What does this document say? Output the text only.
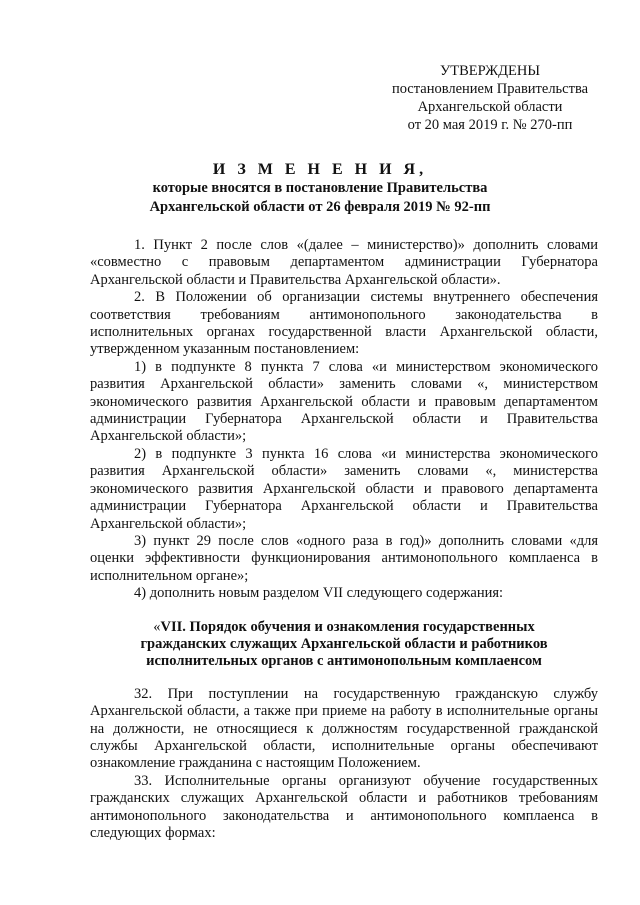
УТВЕРЖДЕНЫ
постановлением Правительства
Архангельской области
от 20 мая 2019 г. № 270-пп
И З М Е Н Е Н И Я,
которые вносятся в постановление Правительства
Архангельской области от 26 февраля 2019 № 92-пп

1. Пункт 2 после слов «(далее – министерство)» дополнить словами «совместно с правовым департаментом администрации Губернатора Архангельской области и Правительства Архангельской области».

2. В Положении об организации системы внутреннего обеспечения соответствия требованиям антимонопольного законодательства в исполнительных органах государственной власти Архангельской области, утвержденном указанным постановлением:

1) в подпункте 8 пункта 7 слова «и министерством экономического развития Архангельской области» заменить словами «, министерством экономического развития Архангельской области и правовым департаментом администрации Губернатора Архангельской области и Правительства Архангельской области»;

2) в подпункте 3 пункта 16 слова «и министерства экономического развития Архангельской области» заменить словами «, министерства экономического развития Архангельской области и правового департамента администрации Губернатора Архангельской области и Правительства Архангельской области»;

3) пункт 29 после слов «одного раза в год)» дополнить словами «для оценки эффективности функционирования антимонопольного комплаенса в исполнительном органе»;

4) дополнить новым разделом VII следующего содержания:

«VII. Порядок обучения и ознакомления государственных
гражданских служащих Архангельской области и работников
исполнительных органов с антимонопольным комплаенсом

32. При поступлении на государственную гражданскую службу Архангельской области, а также при приеме на работу в исполнительные органы на должности, не относящиеся к должностям государственной гражданской службы Архангельской области, исполнительные органы обеспечивают ознакомление гражданина с настоящим Положением.

33. Исполнительные органы организуют обучение государственных гражданских служащих Архангельской области и работников требованиям антимонопольного законодательства и антимонопольного комплаенса в следующих формах:
